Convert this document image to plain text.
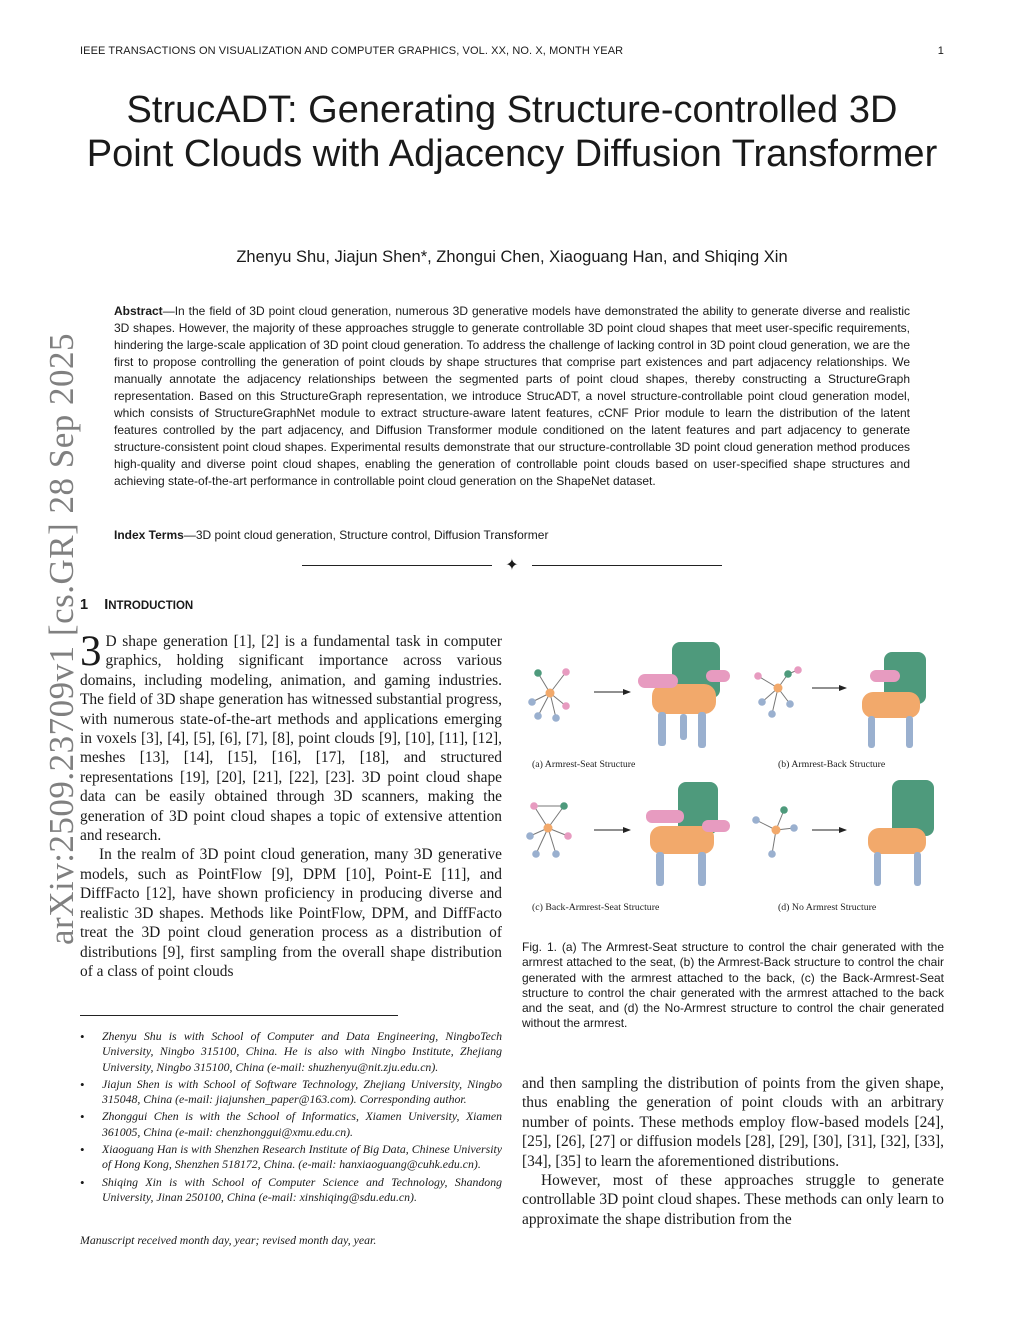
IEEE TRANSACTIONS ON VISUALIZATION AND COMPUTER GRAPHICS, VOL. XX, NO. X, MONTH YEAR	1
StrucADT: Generating Structure-controlled 3D Point Clouds with Adjacency Diffusion Transformer
Zhenyu Shu, Jiajun Shen*, Zhongui Chen, Xiaoguang Han, and Shiqing Xin
Abstract—In the field of 3D point cloud generation, numerous 3D generative models have demonstrated the ability to generate diverse and realistic 3D shapes. However, the majority of these approaches struggle to generate controllable 3D point cloud shapes that meet user-specific requirements, hindering the large-scale application of 3D point cloud generation. To address the challenge of lacking control in 3D point cloud generation, we are the first to propose controlling the generation of point clouds by shape structures that comprise part existences and part adjacency relationships. We manually annotate the adjacency relationships between the segmented parts of point cloud shapes, thereby constructing a StructureGraph representation. Based on this StructureGraph representation, we introduce StrucADT, a novel structure-controllable point cloud generation model, which consists of StructureGraphNet module to extract structure-aware latent features, cCNF Prior module to learn the distribution of the latent features controlled by the part adjacency, and Diffusion Transformer module conditioned on the latent features and part adjacency to generate structure-consistent point cloud shapes. Experimental results demonstrate that our structure-controllable 3D point cloud generation method produces high-quality and diverse point cloud shapes, enabling the generation of controllable point clouds based on user-specified shape structures and achieving state-of-the-art performance in controllable point cloud generation on the ShapeNet dataset.
Index Terms—3D point cloud generation, Structure control, Diffusion Transformer
✦
arXiv:2509.23709v1 [cs.GR] 28 Sep 2025 1 INTRODUCTION

3 D shape generation [1], [2] is a fundamental task in computer graphics, holding significant importance across various domains, including modeling, animation, and gaming industries. The field of 3D shape generation has witnessed substantial progress, with numerous state-of-the-art methods and applications emerging in voxels [3], [4], [5], [6], [7], [8], point clouds [9], [10], [11], [12], meshes [13], [14], [15], [16], [17], [18], and structured representations [19], [20], [21], [22], [23]. 3D point cloud shape data can be easily obtained through 3D scanners, making the generation of 3D point cloud shapes a topic of extensive attention and research.

In the realm of 3D point cloud generation, many 3D generative models, such as PointFlow [9], DPM [10], Point-E [11], and DiffFacto [12], have shown proficiency in producing diverse and realistic 3D shapes. Methods like PointFlow, DPM, and DiffFacto treat the 3D point cloud generation process as a distribution of distributions [9], first sampling from the overall shape distribution of a class of point clouds

• Zhenyu Shu is with School of Computer and Data Engineering, NingboTech University, Ningbo 315100, China. He is also with Ningbo Institute, Zhejiang University, Ningbo 315100, China (e-mail: shuzhenyu@nit.zju.edu.cn).
• Jiajun Shen is with School of Software Technology, Zhejiang University, Ningbo 315048, China (e-mail: jiajunshen_paper@163.com). Corresponding author.
• Zhonggui Chen is with the School of Informatics, Xiamen University, Xiamen 361005, China (e-mail: chenzhonggui@xmu.edu.cn).
• Xiaoguang Han is with Shenzhen Research Institute of Big Data, Chinese University of Hong Kong, Shenzhen 518172, China. (e-mail: hanxiaoguang@cuhk.edu.cn).
• Shiqing Xin is with School of Computer Science and Technology, Shandong University, Jinan 250100, China (e-mail: xinshiqing@sdu.edu.cn).
Manuscript received month day, year; revised month day, year.
(a) Armrest-Seat Structure	(b) Armrest-Back Structure
(c) Back-Armrest-Seat Structure	(d) No Armrest Structure
Fig. 1. (a) The Armrest-Seat structure to control the chair generated with the armrest attached to the seat, (b) the Armrest-Back structure to control the chair generated with the armrest attached to the back, (c) the Back-Armrest-Seat structure to control the chair generated with the armrest attached to the back and the seat, and (d) the No-Armrest structure to control the chair generated without the armrest.

and then sampling the distribution of points from the given shape, thus enabling the generation of point clouds with an arbitrary number of points. These methods employ flow-based models [24], [25], [26], [27] or diffusion models [28], [29], [30], [31], [32], [33], [34], [35] to learn the aforementioned distributions.

However, most of these approaches struggle to generate controllable 3D point cloud shapes. These methods can only learn to approximate the shape distribution from the
